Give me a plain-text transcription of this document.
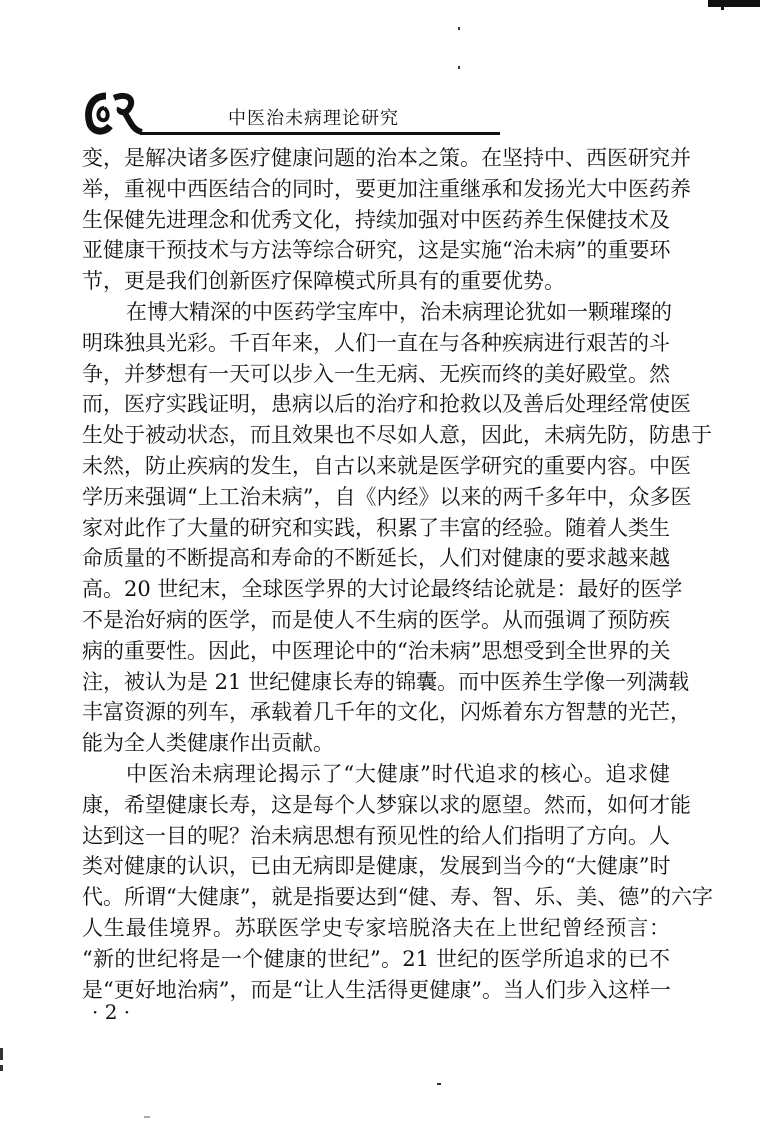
中医治未病理论研究
变，是解决诸多医疗健康问题的治本之策。在坚持中、西医研究并
举，重视中西医结合的同时，要更加注重继承和发扬光大中医药养
生保健先进理念和优秀文化，持续加强对中医药养生保健技术及
亚健康干预技术与方法等综合研究，这是实施“治未病”的重要环
节，更是我们创新医疗保障模式所具有的重要优势。
在博大精深的中医药学宝库中，治未病理论犹如一颗璀璨的
明珠独具光彩。千百年来，人们一直在与各种疾病进行艰苦的斗
争，并梦想有一天可以步入一生无病、无疾而终的美好殿堂。然
而，医疗实践证明，患病以后的治疗和抢救以及善后处理经常使医
生处于被动状态，而且效果也不尽如人意，因此，未病先防，防患于
未然，防止疾病的发生，自古以来就是医学研究的重要内容。中医
学历来强调“上工治未病”，自《内经》以来的两千多年中，众多医
家对此作了大量的研究和实践，积累了丰富的经验。随着人类生
命质量的不断提高和寿命的不断延长，人们对健康的要求越来越
高。20 世纪末，全球医学界的大讨论最终结论就是：最好的医学
不是治好病的医学，而是使人不生病的医学。从而强调了预防疾
病的重要性。因此，中医理论中的“治未病”思想受到全世界的关
注，被认为是 21 世纪健康长寿的锦囊。而中医养生学像一列满载
丰富资源的列车，承载着几千年的文化，闪烁着东方智慧的光芒，
能为全人类健康作出贡献。
中医治未病理论揭示了“大健康”时代追求的核心。追求健
康，希望健康长寿，这是每个人梦寐以求的愿望。然而，如何才能
达到这一目的呢？治未病思想有预见性的给人们指明了方向。人
类对健康的认识，已由无病即是健康，发展到当今的“大健康”时
代。所谓“大健康”，就是指要达到“健、寿、智、乐、美、德”的六字
人生最佳境界。苏联医学史专家培脱洛夫在上世纪曾经预言：
“新的世纪将是一个健康的世纪”。21 世纪的医学所追求的已不
是“更好地治病”，而是“让人生活得更健康”。当人们步入这样一
· 2 ·
